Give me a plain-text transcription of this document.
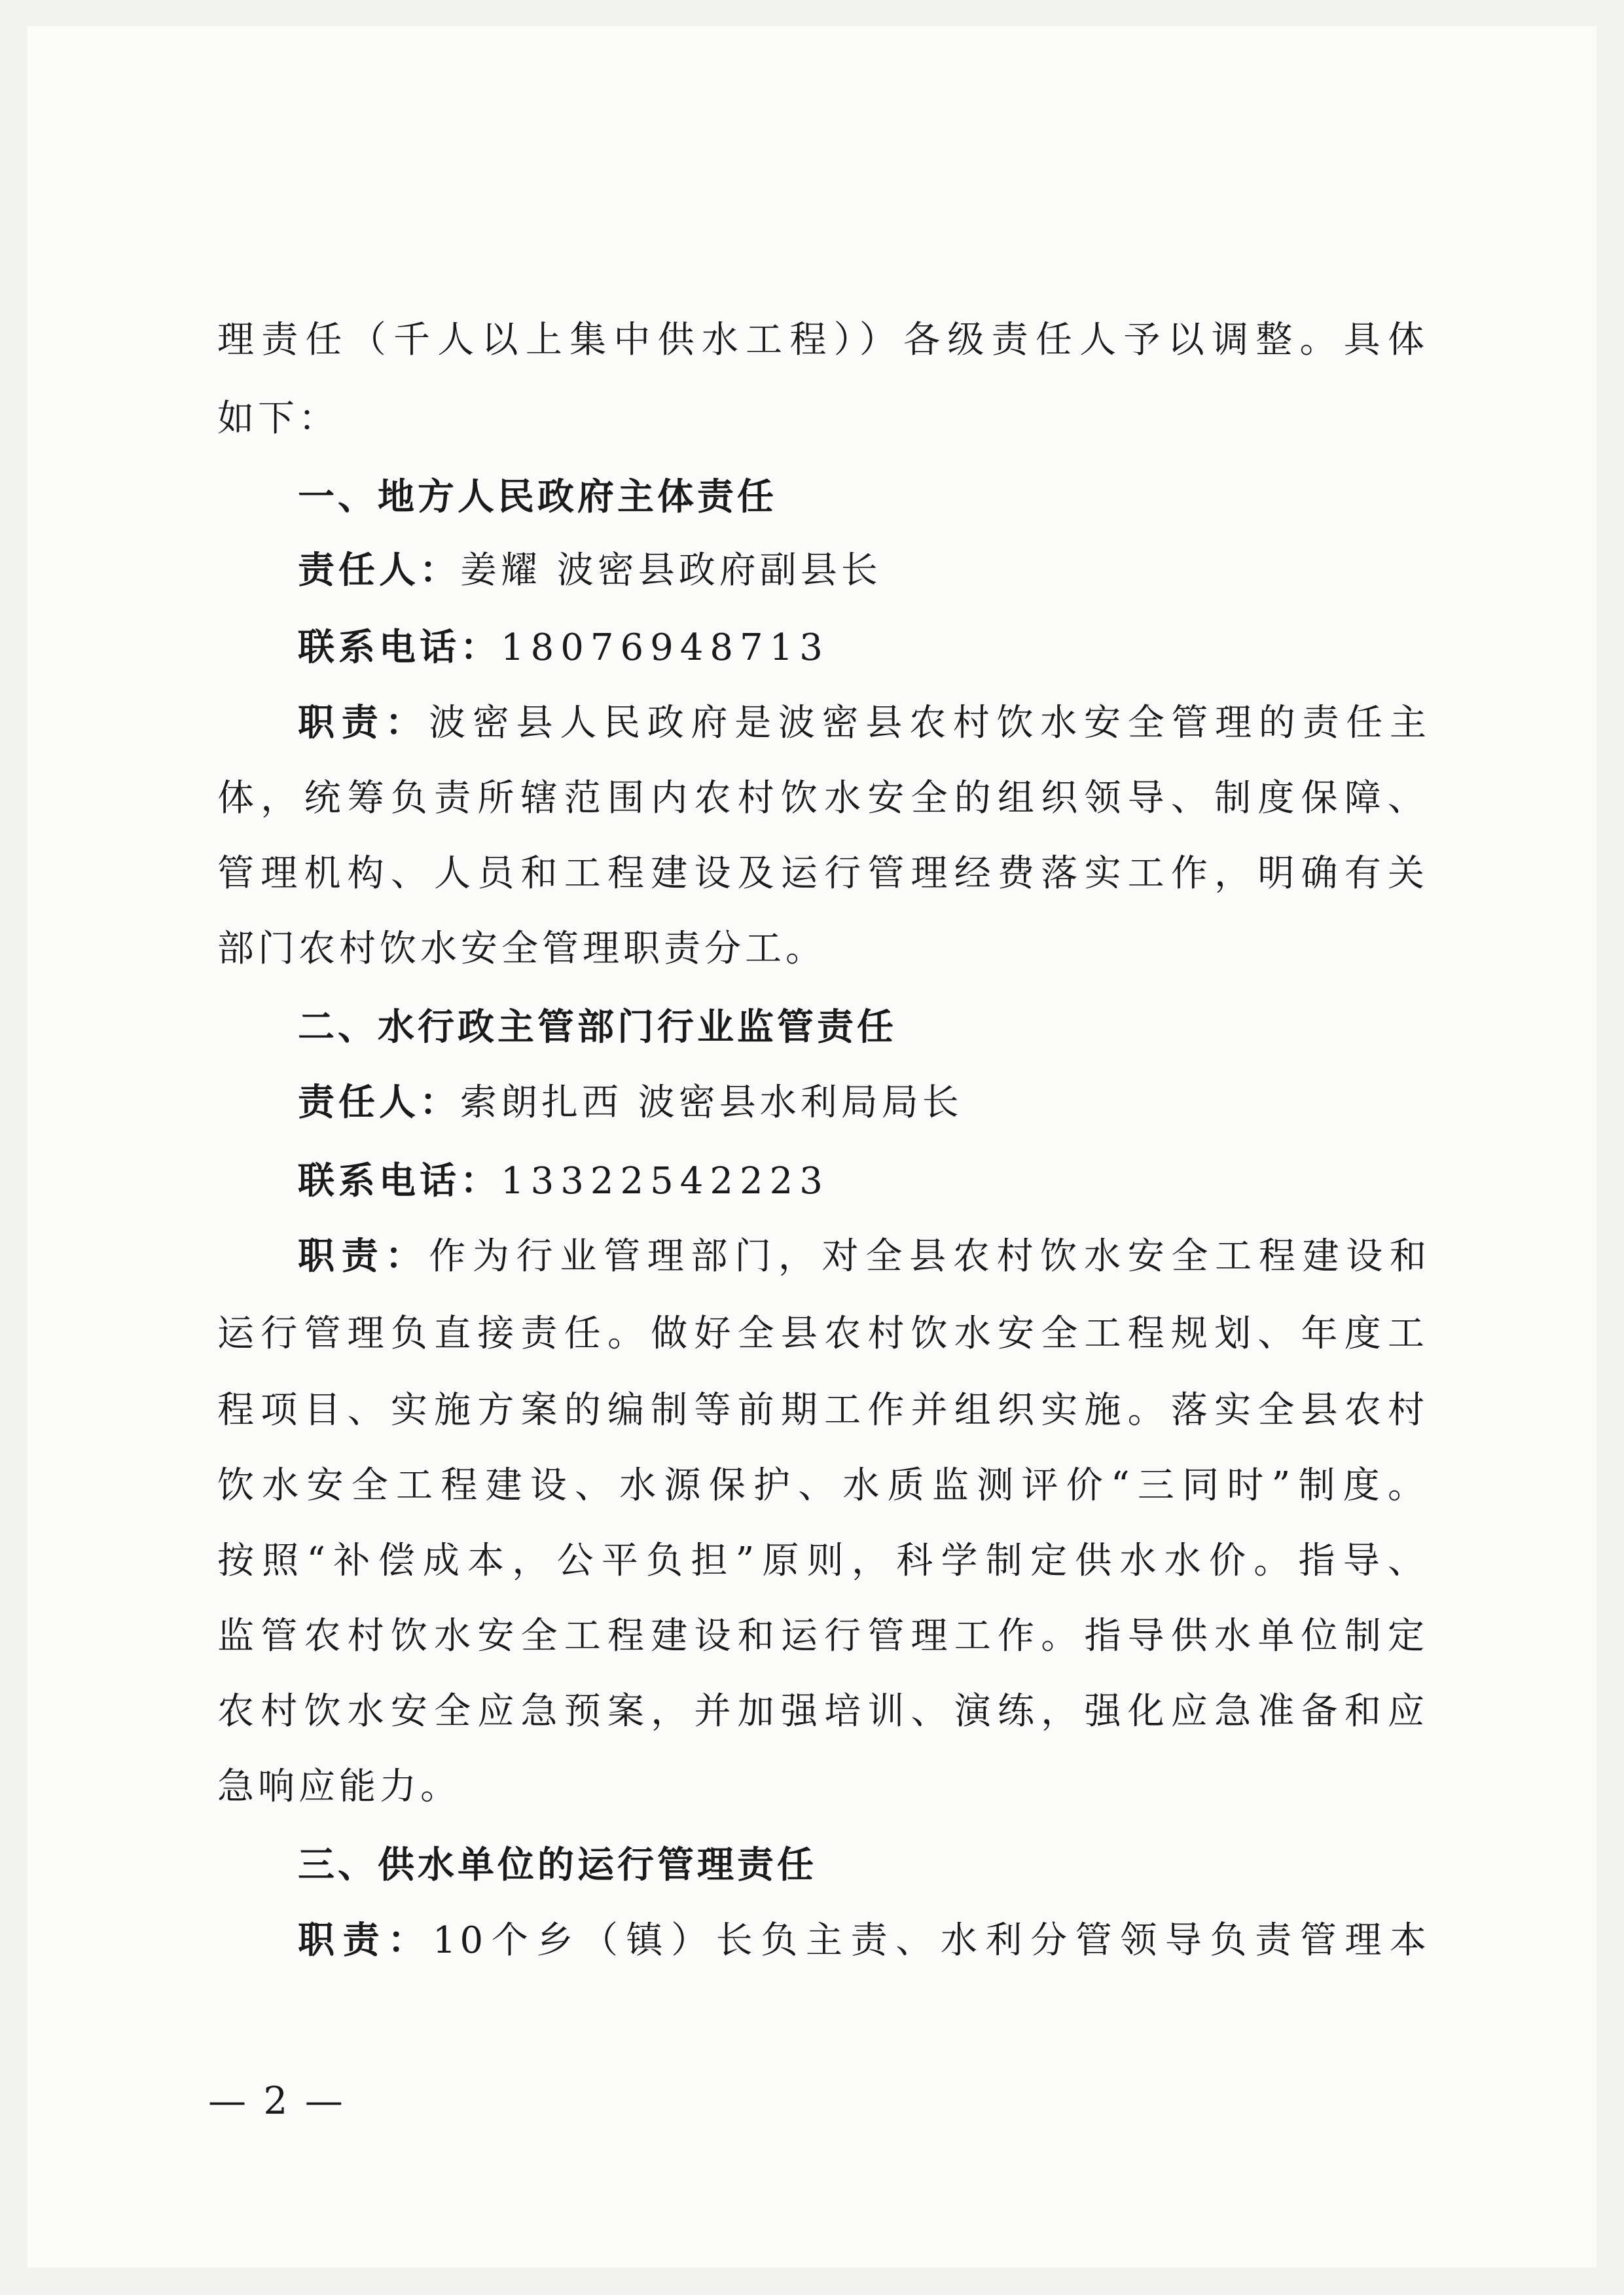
理责任（千人以上集中供水工程））各级责任人予以调整。具体
如下：
一、地方人民政府主体责任
责任人：姜耀 波密县政府副县长
联系电话：18076948713
职责：波密县人民政府是波密县农村饮水安全管理的责任主
体，统筹负责所辖范围内农村饮水安全的组织领导、制度保障、
管理机构、人员和工程建设及运行管理经费落实工作，明确有关
部门农村饮水安全管理职责分工。
二、水行政主管部门行业监管责任
责任人：索朗扎西 波密县水利局局长
联系电话：13322542223
职责：作为行业管理部门，对全县农村饮水安全工程建设和
运行管理负直接责任。做好全县农村饮水安全工程规划、年度工
程项目、实施方案的编制等前期工作并组织实施。落实全县农村
饮水安全工程建设、水源保护、水质监测评价“三同时”制度。
按照“补偿成本，公平负担”原则，科学制定供水水价。指导、
监管农村饮水安全工程建设和运行管理工作。指导供水单位制定
农村饮水安全应急预案，并加强培训、演练，强化应急准备和应
急响应能力。
三、供水单位的运行管理责任
职责：10个乡（镇）长负主责、水利分管领导负责管理本
— 2 —
